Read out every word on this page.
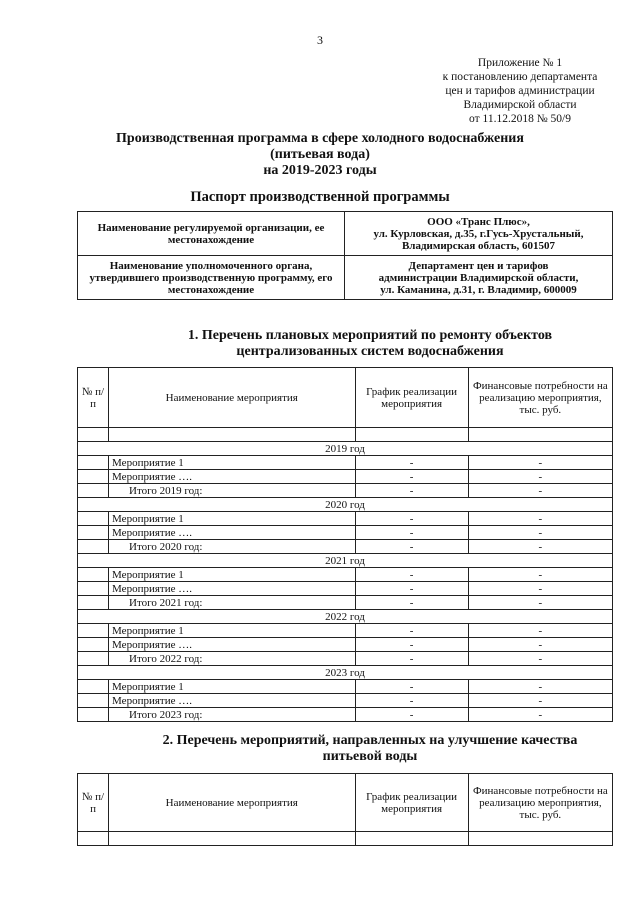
3
Приложение № 1
к постановлению департамента
цен и тарифов администрации
Владимирской области
от 11.12.2018 № 50/9
Производственная программа в сфере холодного водоснабжения
(питьевая вода)
на 2019-2023 годы
Паспорт производственной программы
Наименование регулируемой организации, ее местонахождение	ООО «Транс Плюс»,
ул. Курловская, д.35, г.Гусь-Хрустальный,
Владимирская область, 601507

Наименование уполномоченного органа, утвердившего производственную программу, его местонахождение	Департамент цен и тарифов
администрации Владимирской области,
ул. Каманина, д.31, г. Владимир, 600009
1. Перечень плановых мероприятий по ремонту объектов
централизованных систем водоснабжения
№ п/п	Наименование мероприятия	График реализации мероприятия	Финансовые потребности на реализацию мероприятия, тыс. руб.

2019 год			
	Мероприятие 1	-	-
	Мероприятие ….	-	-
	Итого 2019 год:	-	-
2020 год			
	Мероприятие 1	-	-
	Мероприятие ….	-	-
	Итого 2020 год:	-	-
2021 год			
	Мероприятие 1	-	-
	Мероприятие ….	-	-
	Итого 2021 год:	-	-
2022 год			
	Мероприятие 1	-	-
	Мероприятие ….	-	-
	Итого 2022 год:	-	-
2023 год			
	Мероприятие 1	-	-
	Мероприятие ….	-	-
	Итого 2023 год:	-	-
2. Перечень мероприятий, направленных на улучшение качества
питьевой воды
№ п/п	Наименование мероприятия	График реализации мероприятия	Финансовые потребности на реализацию мероприятия, тыс. руб.
